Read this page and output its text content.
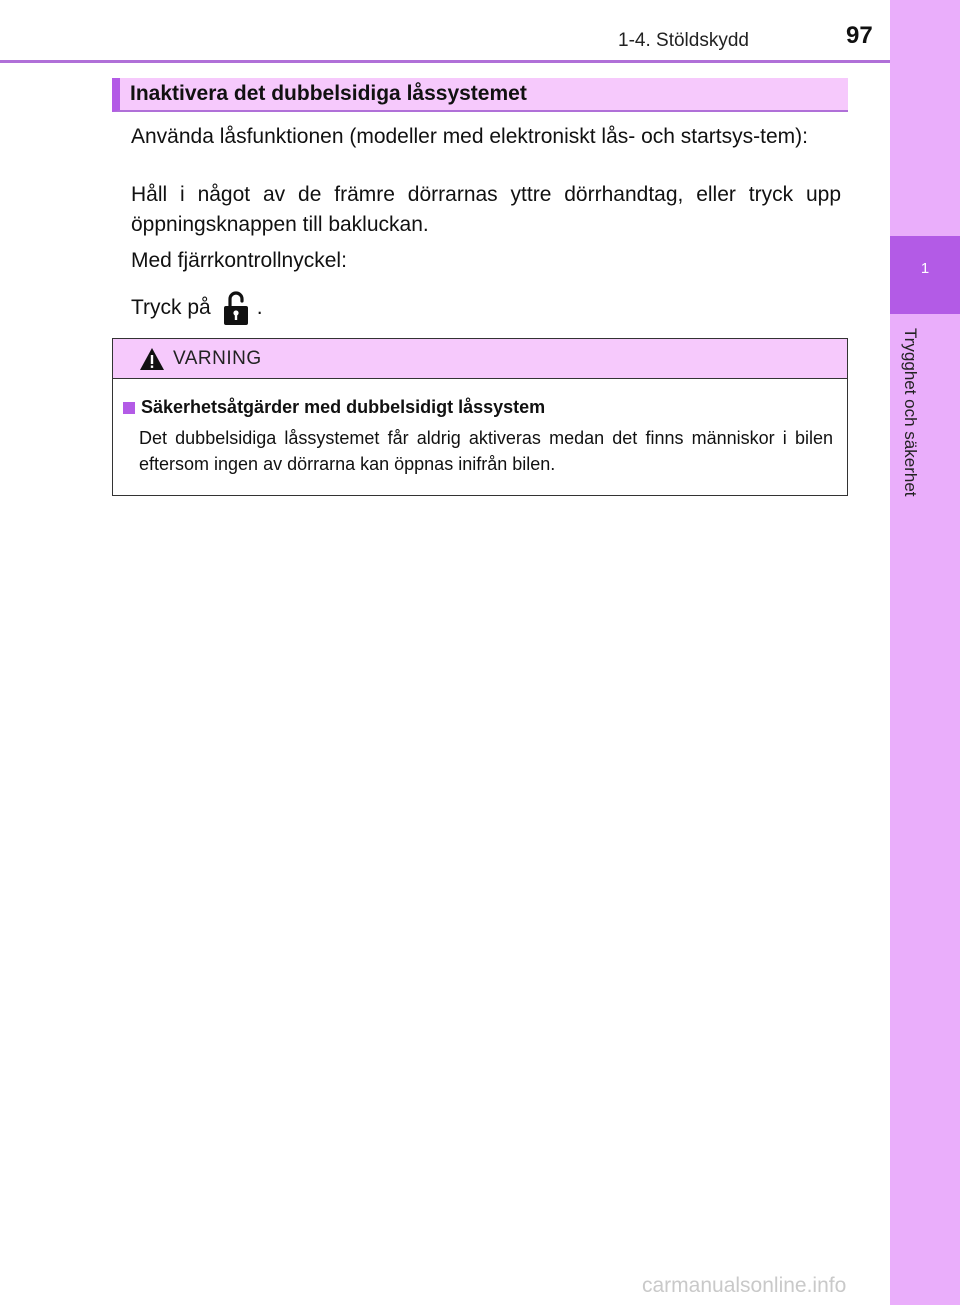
1-4. Stöldskydd	97
1
Trygghet och säkerhet
Inaktivera det dubbelsidiga låssystemet
Använda låsfunktionen (modeller med elektroniskt lås- och startsys-tem):
Håll i något av de främre dörrarnas yttre dörrhandtag, eller tryck upp öppningsknappen till bakluckan.
Med fjärrkontrollnyckel:
Tryck på .
VARNING
Säkerhetsåtgärder med dubbelsidigt låssystem
Det dubbelsidiga låssystemet får aldrig aktiveras medan det finns människor i bilen eftersom ingen av dörrarna kan öppnas inifrån bilen.
carmanualsonline.info
